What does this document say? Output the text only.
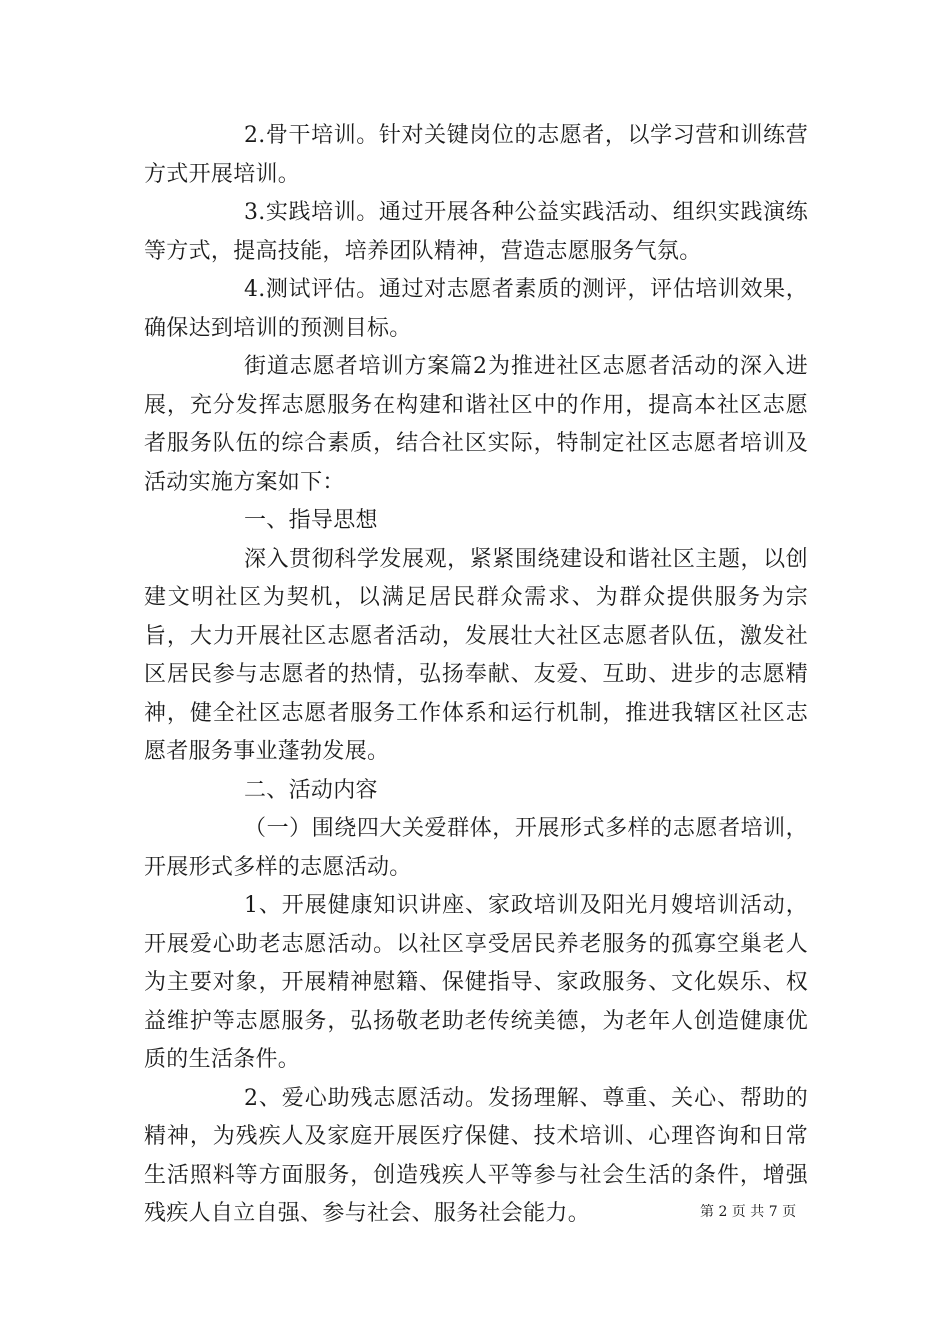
2.骨干培训。针对关键岗位的志愿者，以学习营和训练营方式开展培训。

3.实践培训。通过开展各种公益实践活动、组织实践演练等方式，提高技能，培养团队精神，营造志愿服务气氛。

4.测试评估。通过对志愿者素质的测评，评估培训效果，确保达到培训的预测目标。

街道志愿者培训方案篇2为推进社区志愿者活动的深入进展，充分发挥志愿服务在构建和谐社区中的作用，提高本社区志愿者服务队伍的综合素质，结合社区实际，特制定社区志愿者培训及活动实施方案如下：

一、指导思想

深入贯彻科学发展观，紧紧围绕建设和谐社区主题，以创建文明社区为契机，以满足居民群众需求、为群众提供服务为宗旨，大力开展社区志愿者活动，发展壮大社区志愿者队伍，激发社区居民参与志愿者的热情，弘扬奉献、友爱、互助、进步的志愿精神，健全社区志愿者服务工作体系和运行机制，推进我辖区社区志愿者服务事业蓬勃发展。

二、活动内容

（一）围绕四大关爱群体，开展形式多样的志愿者培训，开展形式多样的志愿活动。

1、开展健康知识讲座、家政培训及阳光月嫂培训活动，开展爱心助老志愿活动。以社区享受居民养老服务的孤寡空巢老人为主要对象，开展精神慰籍、保健指导、家政服务、文化娱乐、权益维护等志愿服务，弘扬敬老助老传统美德，为老年人创造健康优质的生活条件。

2、爱心助残志愿活动。发扬理解、尊重、关心、帮助的精神，为残疾人及家庭开展医疗保健、技术培训、心理咨询和日常生活照料等方面服务，创造残疾人平等参与社会生活的条件，增强残疾人自立自强、参与社会、服务社会能力。	第 2 页 共 7 页
